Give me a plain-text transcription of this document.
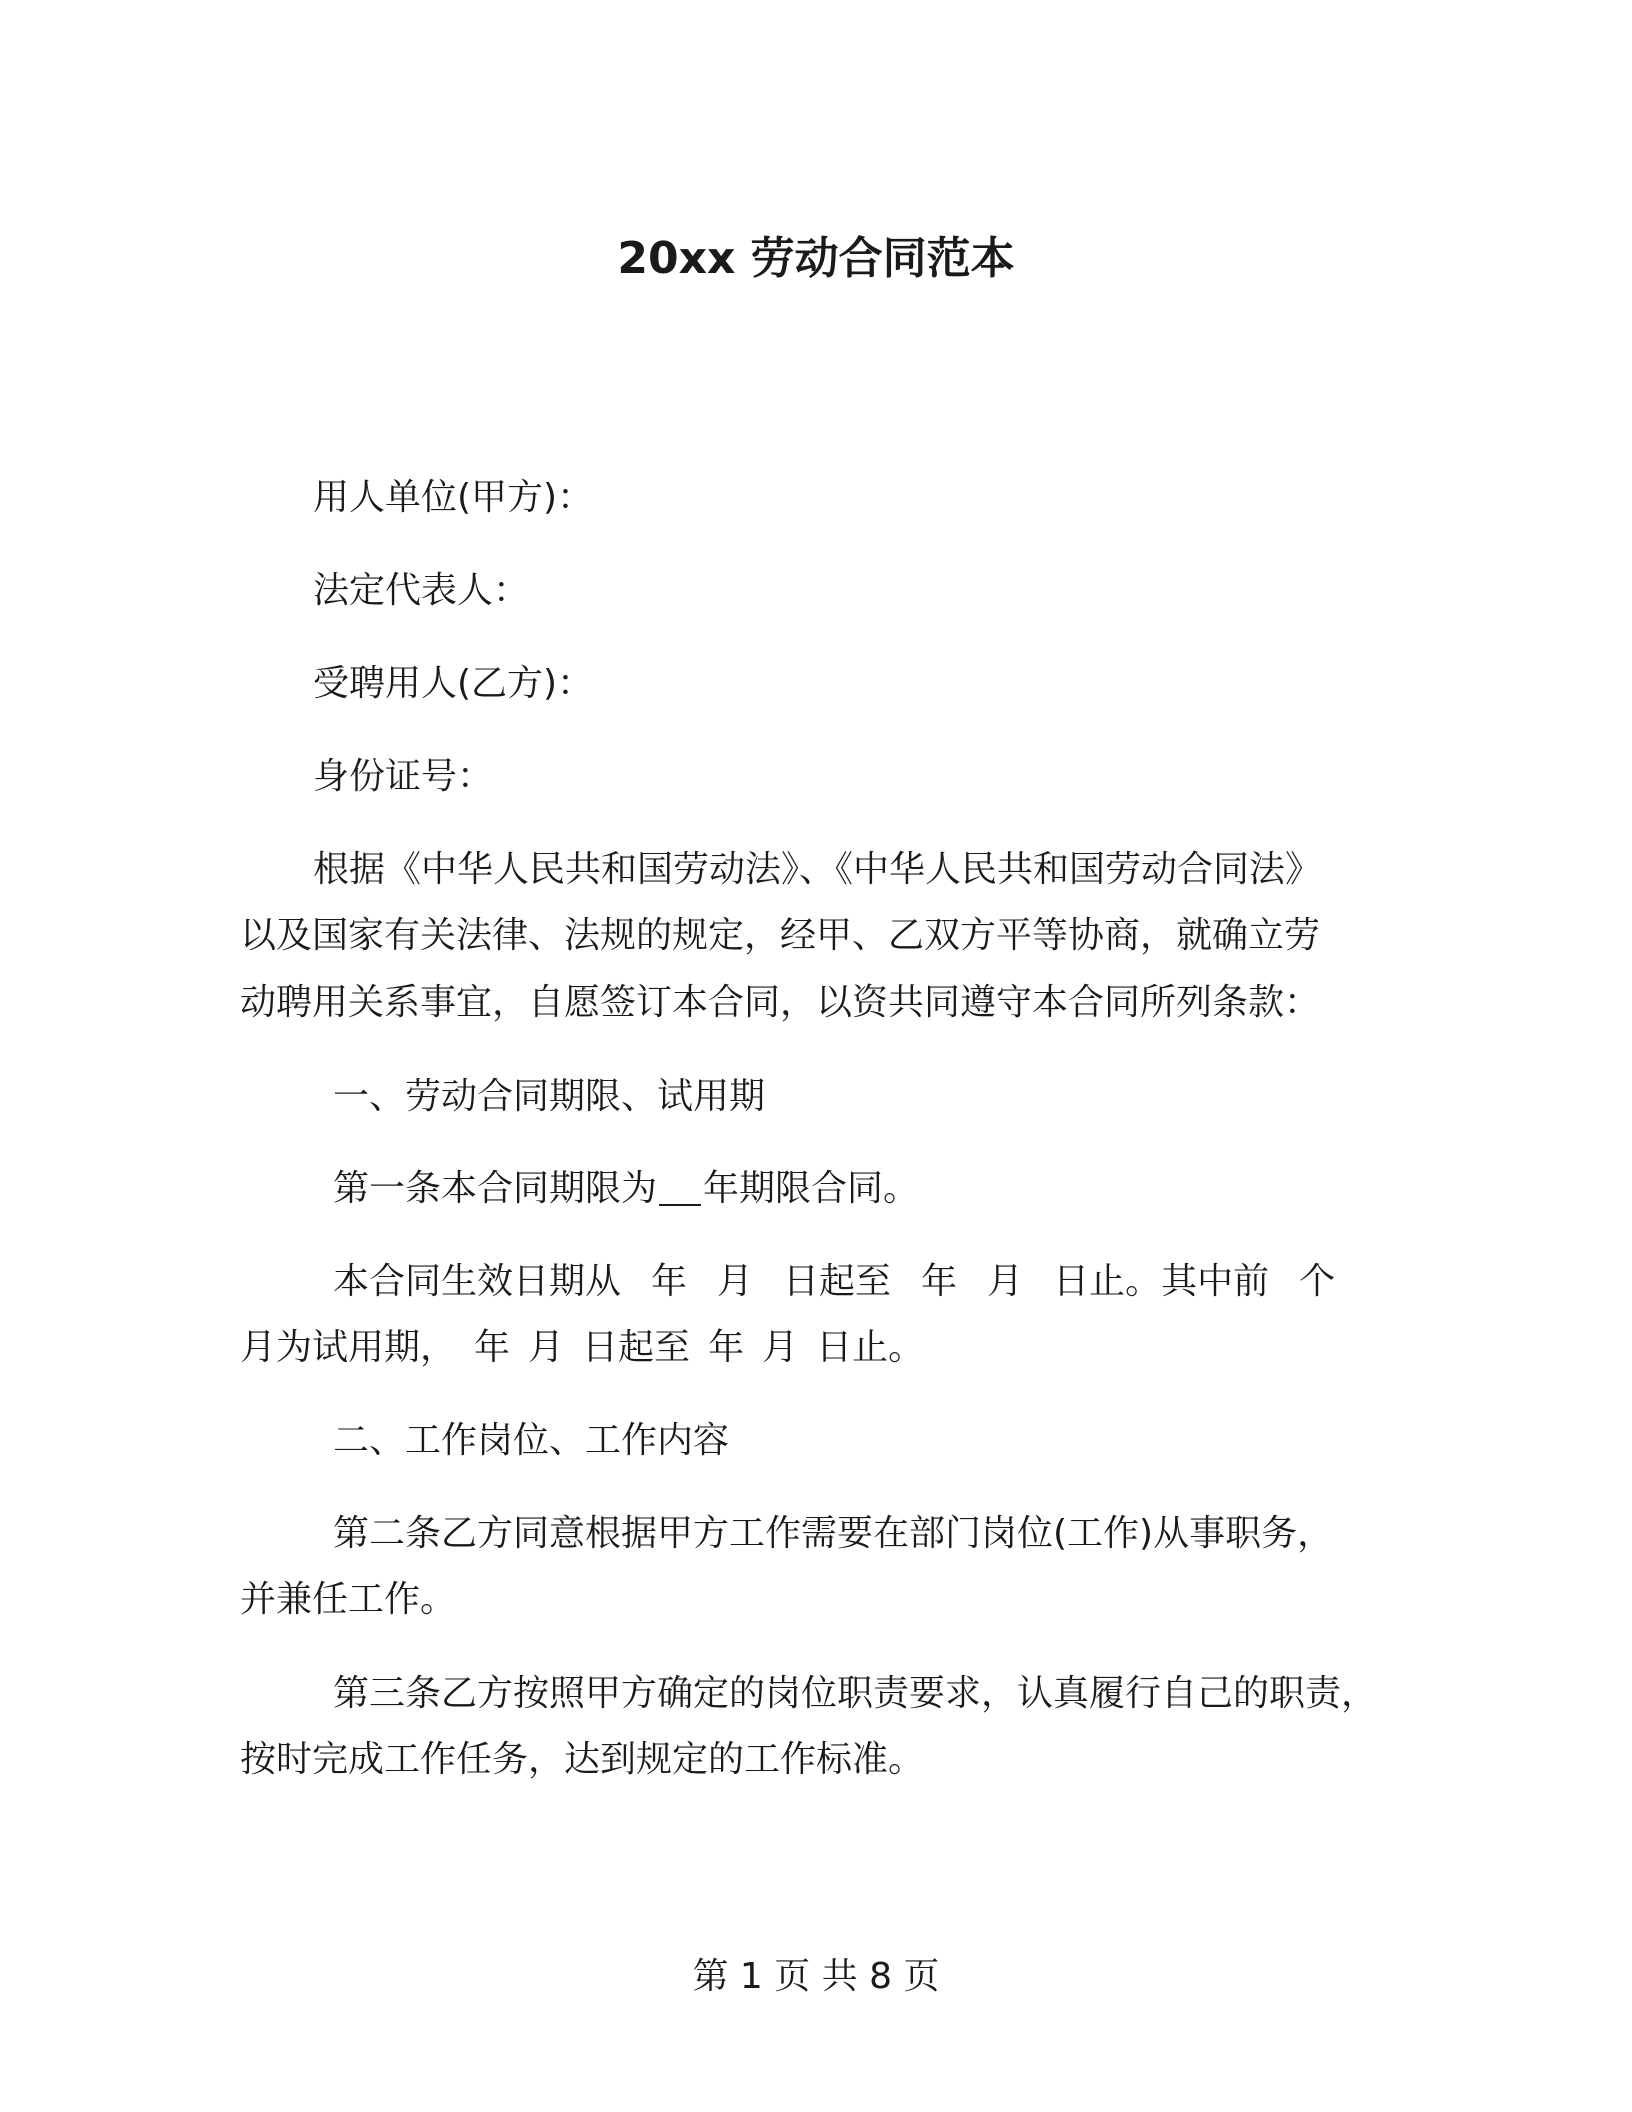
20xx 劳动合同范本
用人单位(甲方)：
法定代表人：
受聘用人(乙方)：
身份证号：
根据《中华人民共和国劳动法》、《中华人民共和国劳动合同法》
以及国家有关法律、法规的规定，经甲、乙双方平等协商，就确立劳
动聘用关系事宜，自愿签订本合同，以资共同遵守本合同所列条款：
一、劳动合同期限、试用期
第一条本合同期限为 年期限合同。
本合同生效日期从 年 月 日起至 年 月 日止。其中前 个
月为试用期， 年 月 日起至 年 月 日止。
二、工作岗位、工作内容
第二条乙方同意根据甲方工作需要在部门岗位(工作)从事职务，
并兼任工作。
第三条乙方按照甲方确定的岗位职责要求，认真履行自己的职责，
按时完成工作任务，达到规定的工作标准。
第 1 页 共 8 页
